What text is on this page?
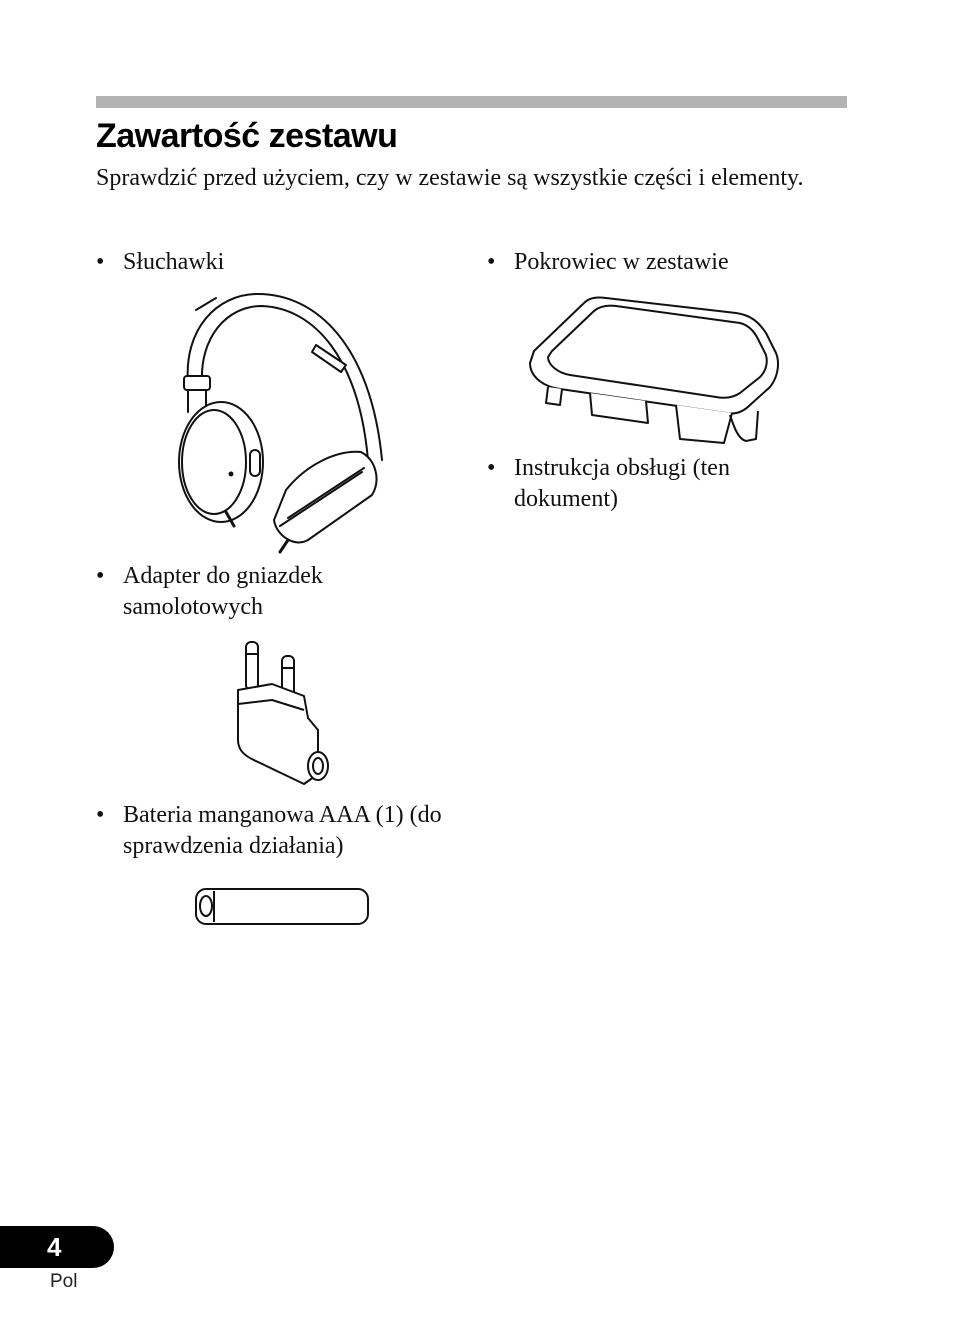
Zawartość zestawu

Sprawdzić przed użyciem, czy w zestawie są wszystkie części i elementy.

• Słuchawki
• Adapter do gniazdek samolotowych
• Bateria manganowa AAA (1) (do sprawdzenia działania)
• Pokrowiec w zestawie
• Instrukcja obsługi (ten dokument)
4
Pol
